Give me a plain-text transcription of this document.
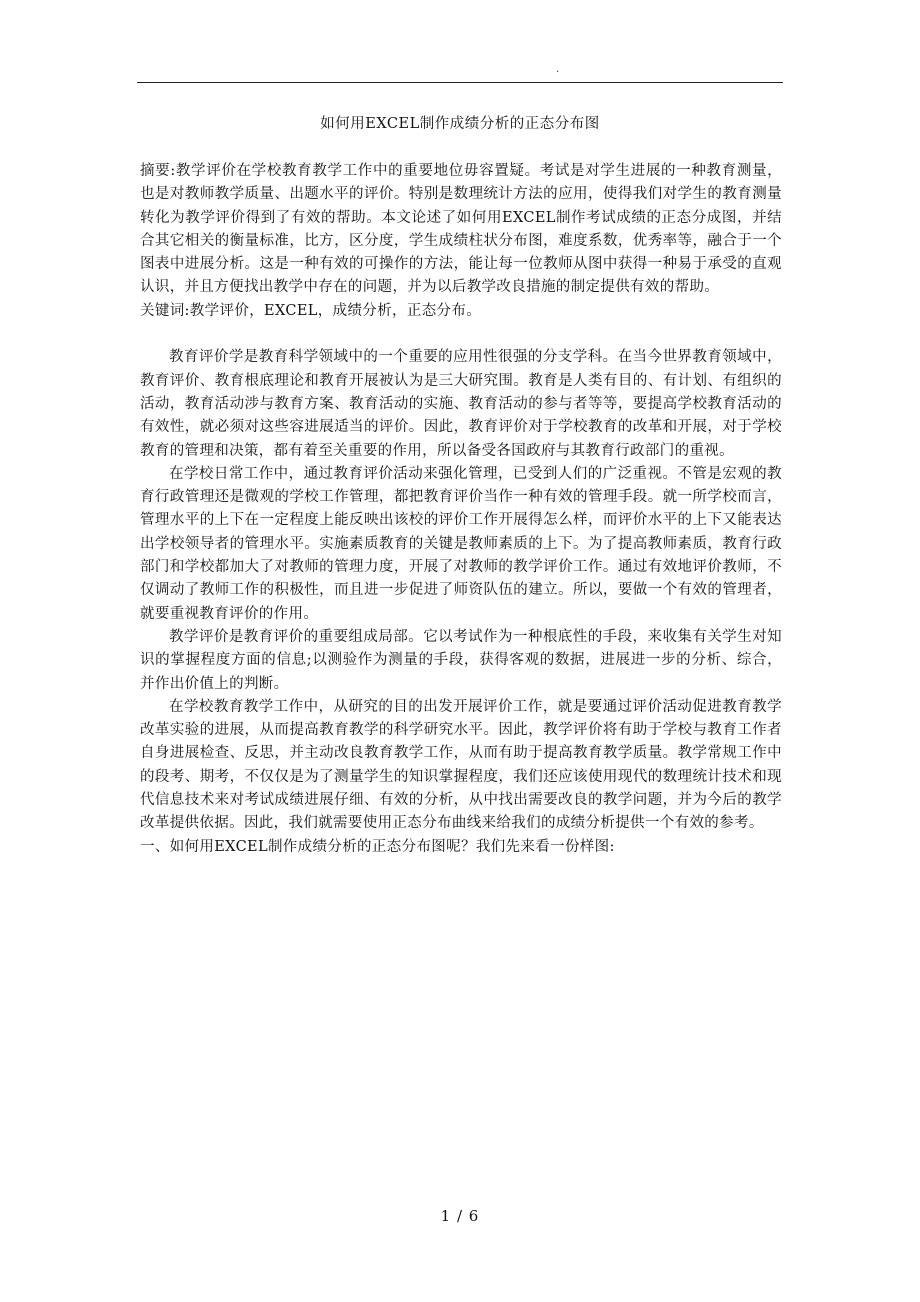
.
如何用EXCEL制作成绩分析的正态分布图

摘要:教学评价在学校教育教学工作中的重要地位毋容置疑。考试是对学生进展的一种教育测量，也是对教师教学质量、出题水平的评价。特别是数理统计方法的应用，使得我们对学生的教育测量转化为教学评价得到了有效的帮助。本文论述了如何用EXCEL制作考试成绩的正态分成图，并结合其它相关的衡量标准，比方，区分度，学生成绩柱状分布图，难度系数，优秀率等，融合于一个图表中进展分析。这是一种有效的可操作的方法，能让每一位教师从图中获得一种易于承受的直观认识，并且方便找出教学中存在的问题，并为以后教学改良措施的制定提供有效的帮助。

关键词:教学评价，EXCEL，成绩分析，正态分布。

教育评价学是教育科学领域中的一个重要的应用性很强的分支学科。在当今世界教育领域中，教育评价、教育根底理论和教育开展被认为是三大研究围。教育是人类有目的、有计划、有组织的活动，教育活动涉与教育方案、教育活动的实施、教育活动的参与者等等，要提高学校教育活动的有效性，就必须对这些容进展适当的评价。因此，教育评价对于学校教育的改革和开展，对于学校教育的管理和决策，都有着至关重要的作用，所以备受各国政府与其教育行政部门的重视。

在学校日常工作中，通过教育评价活动来强化管理，已受到人们的广泛重视。不管是宏观的教育行政管理还是微观的学校工作管理，都把教育评价当作一种有效的管理手段。就一所学校而言，管理水平的上下在一定程度上能反映出该校的评价工作开展得怎么样，而评价水平的上下又能表达出学校领导者的管理水平。实施素质教育的关键是教师素质的上下。为了提高教师素质，教育行政部门和学校都加大了对教师的管理力度，开展了对教师的教学评价工作。通过有效地评价教师，不仅调动了教师工作的积极性，而且进一步促进了师资队伍的建立。所以，要做一个有效的管理者，就要重视教育评价的作用。

教学评价是教育评价的重要组成局部。它以考试作为一种根底性的手段，来收集有关学生对知识的掌握程度方面的信息;以测验作为测量的手段，获得客观的数据，进展进一步的分析、综合，并作出价值上的判断。

在学校教育教学工作中，从研究的目的出发开展评价工作，就是要通过评价活动促进教育教学改革实验的进展，从而提高教育教学的科学研究水平。因此，教学评价将有助于学校与教育工作者自身进展检查、反思，并主动改良教育教学工作，从而有助于提高教育教学质量。教学常规工作中的段考、期考，不仅仅是为了测量学生的知识掌握程度，我们还应该使用现代的数理统计技术和现代信息技术来对考试成绩进展仔细、有效的分析，从中找出需要改良的教学问题，并为今后的教学改革提供依据。因此，我们就需要使用正态分布曲线来给我们的成绩分析提供一个有效的参考。

一、如何用EXCEL制作成绩分析的正态分布图呢？我们先来看一份样图:

1 / 6
